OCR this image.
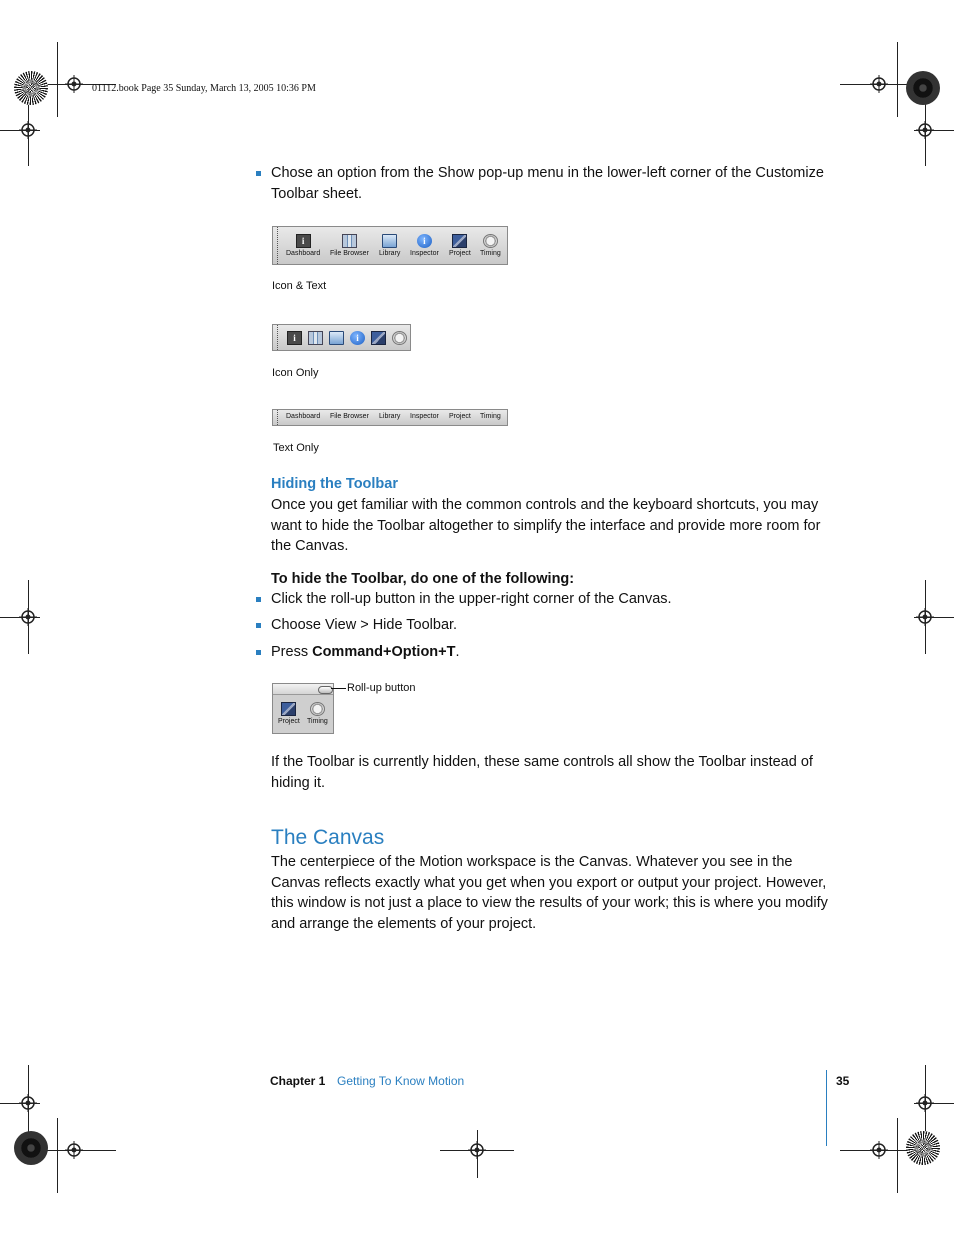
01112.book Page 35 Sunday, March 13, 2005 10:36 PM
Chose an option from the Show pop-up menu in the lower-left corner of the Customize Toolbar sheet.
i
Dashboard File Browser Library
i
Inspector Project Timing
Icon & Text
i	i
Icon Only
Dashboard File Browser Library Inspector Project Timing
Text Only
Hiding the Toolbar
Once you get familiar with the common controls and the keyboard shortcuts, you may want to hide the Toolbar altogether to simplify the interface and provide more room for the Canvas.
To hide the Toolbar, do one of the following:
Click the roll-up button in the upper-right corner of the Canvas.
Choose View > Hide Toolbar.
Press Command+Option+T.
Project Timing
Roll-up button
If the Toolbar is currently hidden, these same controls all show the Toolbar instead of hiding it.
The Canvas
The centerpiece of the Motion workspace is the Canvas. Whatever you see in the Canvas reflects exactly what you get when you export or output your project. However, this window is not just a place to view the results of your work; this is where you modify and arrange the elements of your project.
Chapter 1 Getting To Know Motion	35
